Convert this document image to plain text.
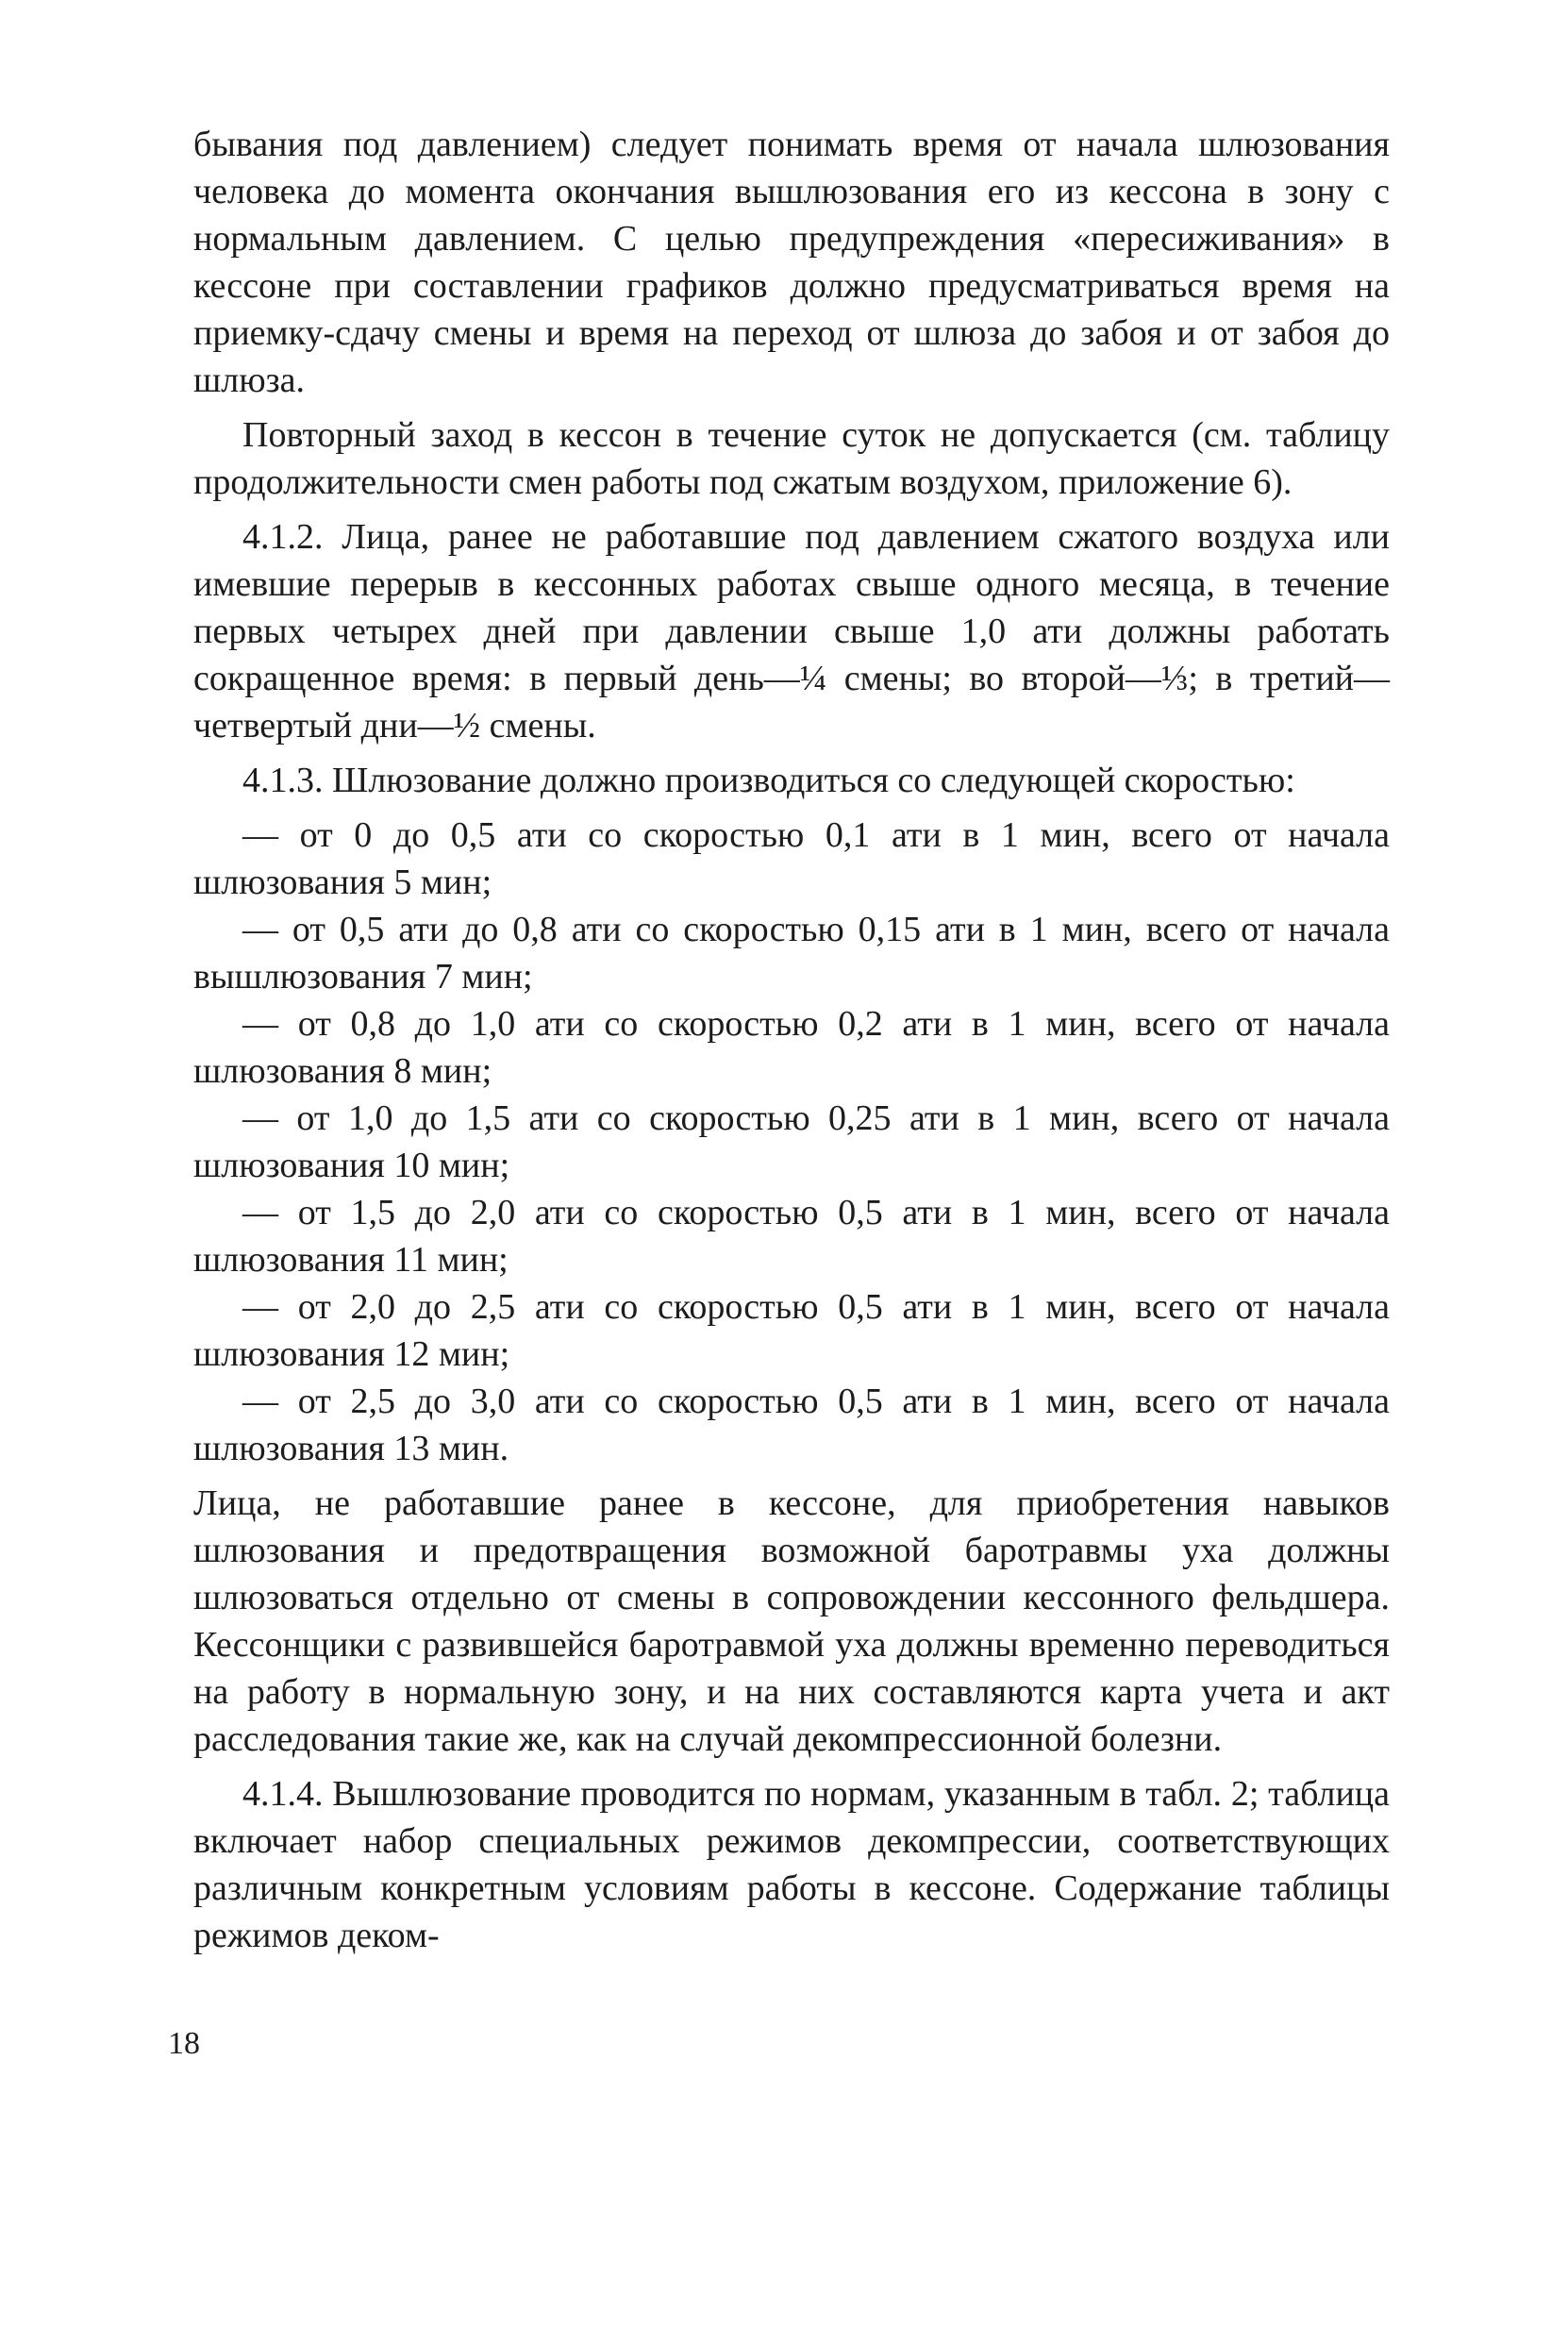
бывания под давлением) следует понимать время от начала шлюзования человека до момента окончания вышлюзования его из кессона в зону с нормальным давлением. С целью предупреждения «пересиживания» в кессоне при составлении графиков должно предусматриваться время на приемку-сдачу смены и время на переход от шлюза до забоя и от забоя до шлюза.

Повторный заход в кессон в течение суток не допускается (см. таблицу продолжительности смен работы под сжатым воздухом, приложение 6).

4.1.2. Лица, ранее не работавшие под давлением сжатого воздуха или имевшие перерыв в кессонных работах свыше одного месяца, в течение первых четырех дней при давлении свыше 1,0 ати должны работать сокращенное время: в первый день—¼ смены; во второй—⅓; в третий—четвертый дни—½ смены.

4.1.3. Шлюзование должно производиться со следующей скоростью:

— от 0 до 0,5 ати со скоростью 0,1 ати в 1 мин, всего от начала шлюзования 5 мин;

— от 0,5 ати до 0,8 ати со скоростью 0,15 ати в 1 мин, всего от начала вышлюзования 7 мин;

— от 0,8 до 1,0 ати со скоростью 0,2 ати в 1 мин, всего от начала шлюзования 8 мин;

— от 1,0 до 1,5 ати со скоростью 0,25 ати в 1 мин, всего от начала шлюзования 10 мин;

— от 1,5 до 2,0 ати со скоростью 0,5 ати в 1 мин, всего от начала шлюзования 11 мин;

— от 2,0 до 2,5 ати со скоростью 0,5 ати в 1 мин, всего от начала шлюзования 12 мин;

— от 2,5 до 3,0 ати со скоростью 0,5 ати в 1 мин, всего от начала шлюзования 13 мин.

Лица, не работавшие ранее в кессоне, для приобретения навыков шлюзования и предотвращения возможной баротравмы уха должны шлюзоваться отдельно от смены в сопровождении кессонного фельдшера. Кессонщики с развившейся баротравмой уха должны временно переводиться на работу в нормальную зону, и на них составляются карта учета и акт расследования такие же, как на случай декомпрессионной болезни.

4.1.4. Вышлюзование проводится по нормам, указанным в табл. 2; таблица включает набор специальных режимов декомпрессии, соответствующих различным конкретным условиям работы в кессоне. Содержание таблицы режимов деком-

18
